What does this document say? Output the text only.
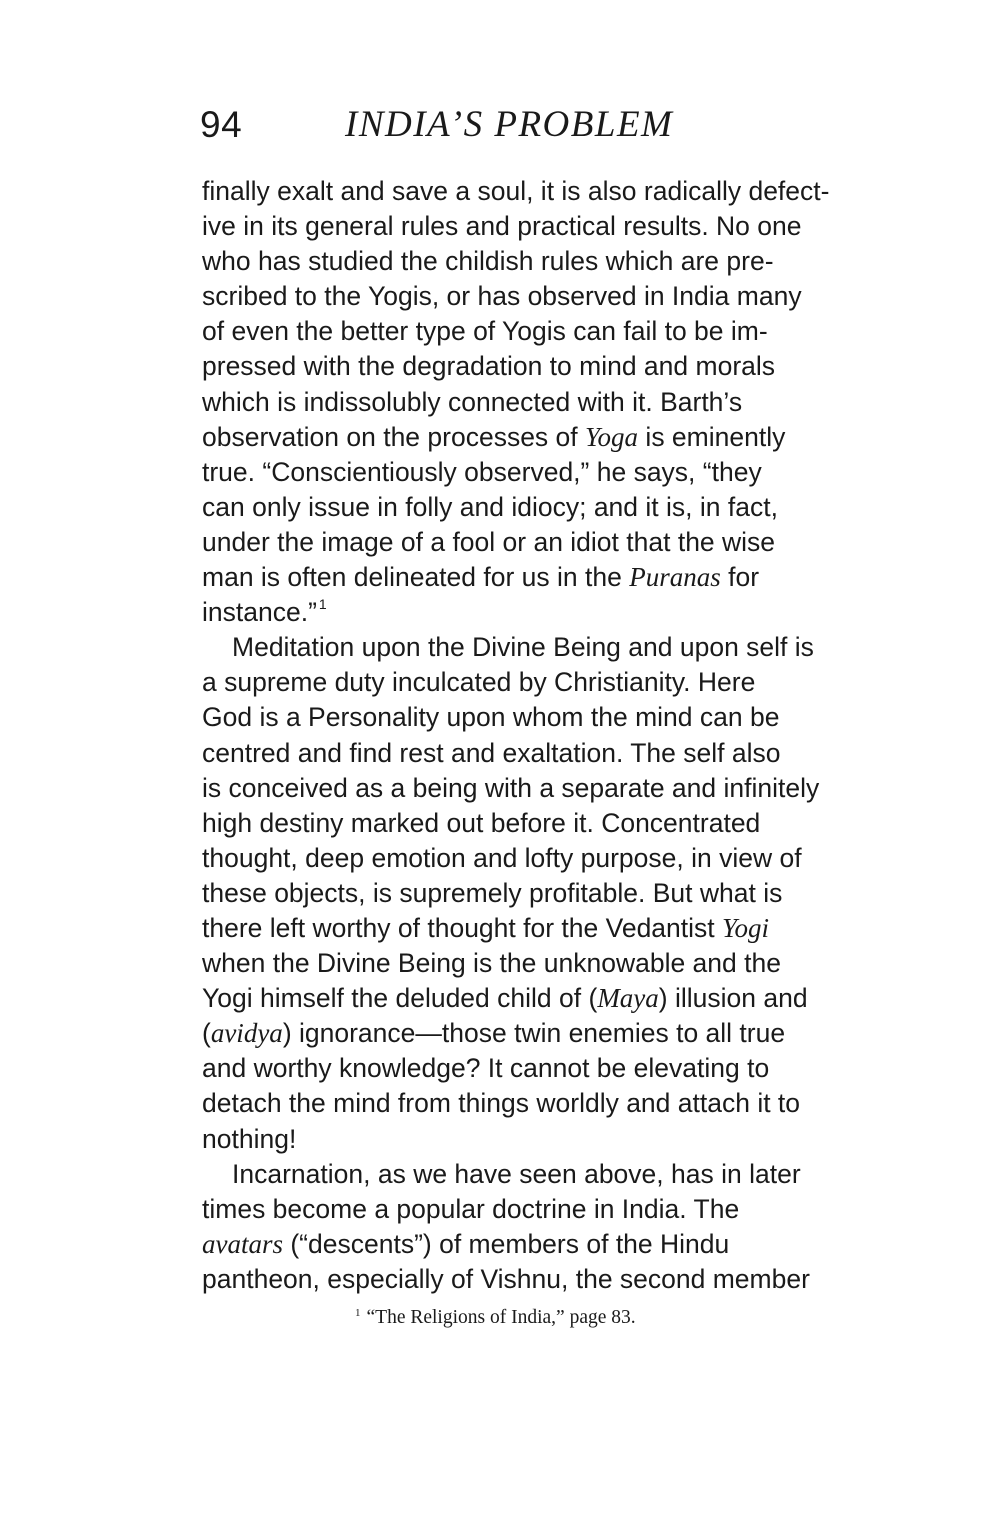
94	INDIA’S PROBLEM
finally exalt and save a soul, it is also radically defect-
ive in its general rules and practical results. No one
who has studied the childish rules which are pre-
scribed to the Yogis, or has observed in India many
of even the better type of Yogis can fail to be im-
pressed with the degradation to mind and morals
which is indissolubly connected with it. Barth’s
observation on the processes of Yoga is eminently
true. “Conscientiously observed,” he says, “they
can only issue in folly and idiocy; and it is, in fact,
under the image of a fool or an idiot that the wise
man is often delineated for us in the Puranas for
instance.” $^1$
Meditation upon the Divine Being and upon self is
a supreme duty inculcated by Christianity. Here
God is a Personality upon whom the mind can be
centred and find rest and exaltation. The self also
is conceived as a being with a separate and infinitely
high destiny marked out before it. Concentrated
thought, deep emotion and lofty purpose, in view of
these objects, is supremely profitable. But what is
there left worthy of thought for the Vedantist Yogi
when the Divine Being is the unknowable and the
Yogi himself the deluded child of (Maya) illusion and
(avidya) ignorance—those twin enemies to all true
and worthy knowledge? It cannot be elevating to
detach the mind from things worldly and attach it to
nothing!
Incarnation, as we have seen above, has in later
times become a popular doctrine in India. The
avatars (“descents”) of members of the Hindu
pantheon, especially of Vishnu, the second member
$^1$ “The Religions of India,” page 83.
